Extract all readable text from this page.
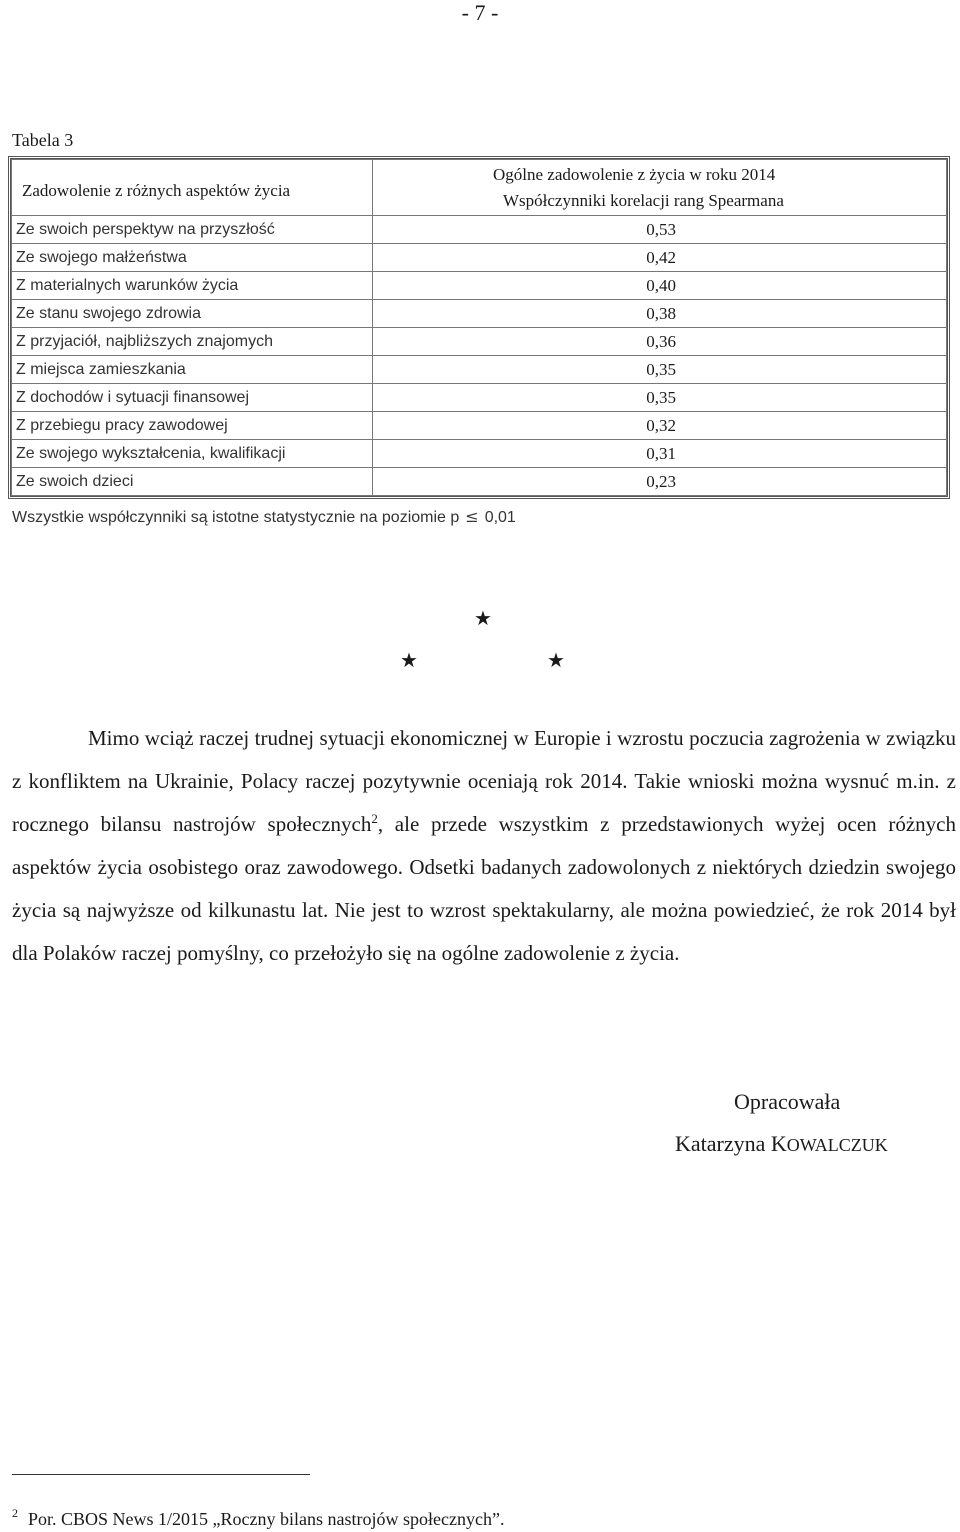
- 7 -
Tabela 3
Zadowolenie z różnych aspektów życia	Ogólne zadowolenie z życia w roku 2014
Współczynniki korelacji rang Spearmana

Ze swoich perspektyw na przyszłość	0,53
Ze swojego małżeństwa	0,42
Z materialnych warunków życia	0,40
Ze stanu swojego zdrowia	0,38
Z przyjaciół, najbliższych znajomych	0,36
Z miejsca zamieszkania	0,35
Z dochodów i sytuacji finansowej	0,35
Z przebiegu pracy zawodowej	0,32
Ze swojego wykształcenia, kwalifikacji	0,31
Ze swoich dzieci	0,23
Wszystkie współczynniki są istotne statystycznie na poziomie p ≤ 0,01
★
★	★
Mimo wciąż raczej trudnej sytuacji ekonomicznej w Europie i wzrostu poczucia zagrożenia w związku z konfliktem na Ukrainie, Polacy raczej pozytywnie oceniają rok 2014. Takie wnioski można wysnuć m.in. z rocznego bilansu nastrojów społecznych$^2$, ale przede wszystkim z przedstawionych wyżej ocen różnych aspektów życia osobistego oraz zawodowego. Odsetki badanych zadowolonych z niektórych dziedzin swojego życia są najwyższe od kilkunastu lat. Nie jest to wzrost spektakularny, ale można powiedzieć, że rok 2014 był dla Polaków raczej pomyślny, co przełożyło się na ogólne zadowolenie z życia.
Opracowała
Katarzyna KOWALCZUK
$^2$ Por. CBOS News 1/2015 „Roczny bilans nastrojów społecznych”.
